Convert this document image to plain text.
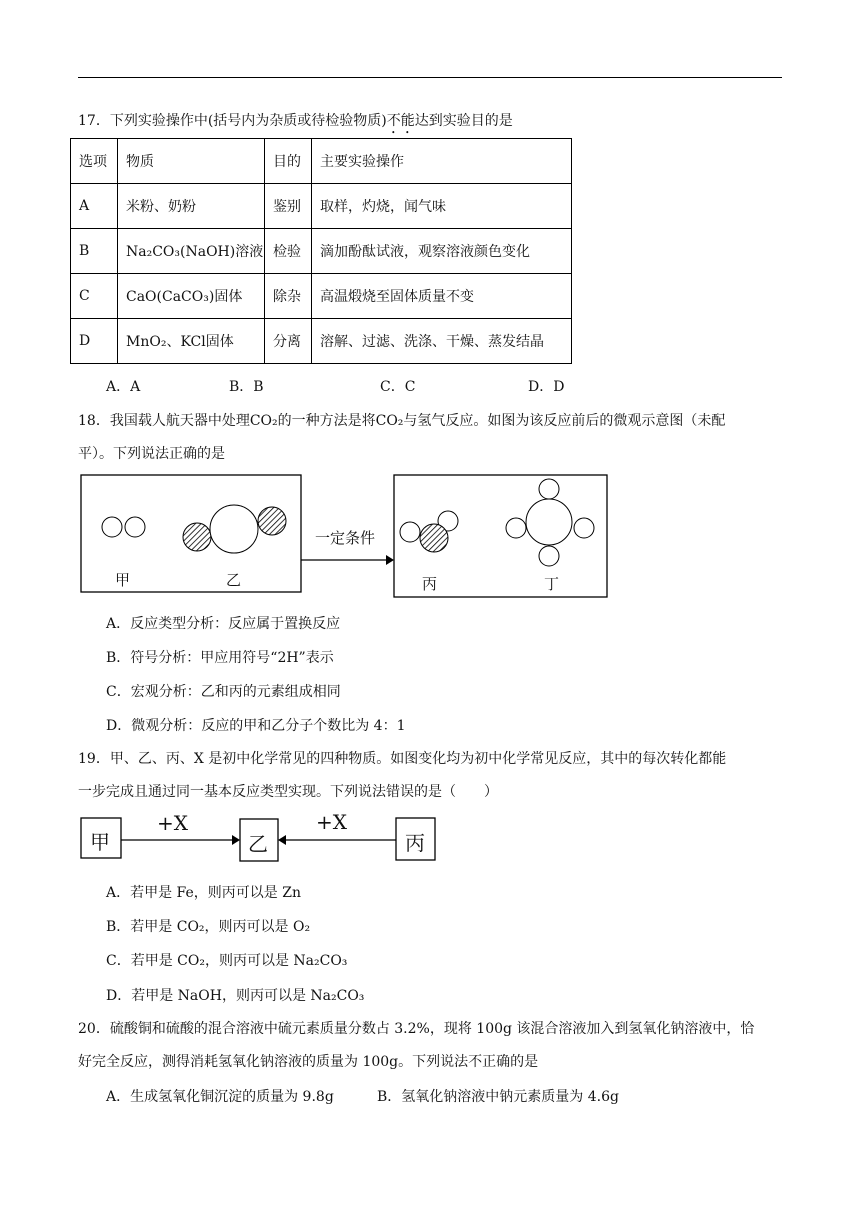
17．下列实验操作中(括号内为杂质或待检验物质)不能达到实验目的是
选项	物质	目的	主要实验操作
A	米粉、奶粉	鉴别	取样，灼烧，闻气味
B	Na₂CO₃(NaOH)溶液	检验	滴加酚酞试液，观察溶液颜色变化
C	CaO(CaCO₃)固体	除杂	高温煅烧至固体质量不变
D	MnO₂、KCl固体	分离	溶解、过滤、洗涤、干燥、蒸发结晶
A．A	B．B	C．C	D．D
18．我国载人航天器中处理CO₂的一种方法是将CO₂与氢气反应。如图为该反应前后的微观示意图（未配
平）。下列说法正确的是
甲	乙
一定条件
丙	丁
A．反应类型分析：反应属于置换反应
B．符号分析：甲应用符号“2H”表示
C．宏观分析：乙和丙的元素组成相同
D．微观分析：反应的甲和乙分子个数比为 4：1
19．甲、乙、丙、X 是初中化学常见的四种物质。如图变化均为初中化学常见反应，其中的每次转化都能
一步完成且通过同一基本反应类型实现。下列说法错误的是（　　）
甲	乙	丙
+X	+X
A．若甲是 Fe，则丙可以是 Zn
B．若甲是 CO₂，则丙可以是 O₂
C．若甲是 CO₂，则丙可以是 Na₂CO₃
D．若甲是 NaOH，则丙可以是 Na₂CO₃
20．硫酸铜和硫酸的混合溶液中硫元素质量分数占 3.2%，现将 100g 该混合溶液加入到氢氧化钠溶液中，恰
好完全反应，测得消耗氢氧化钠溶液的质量为 100g。下列说法不正确的是
A．生成氢氧化铜沉淀的质量为 9.8g	B．氢氧化钠溶液中钠元素质量为 4.6g
